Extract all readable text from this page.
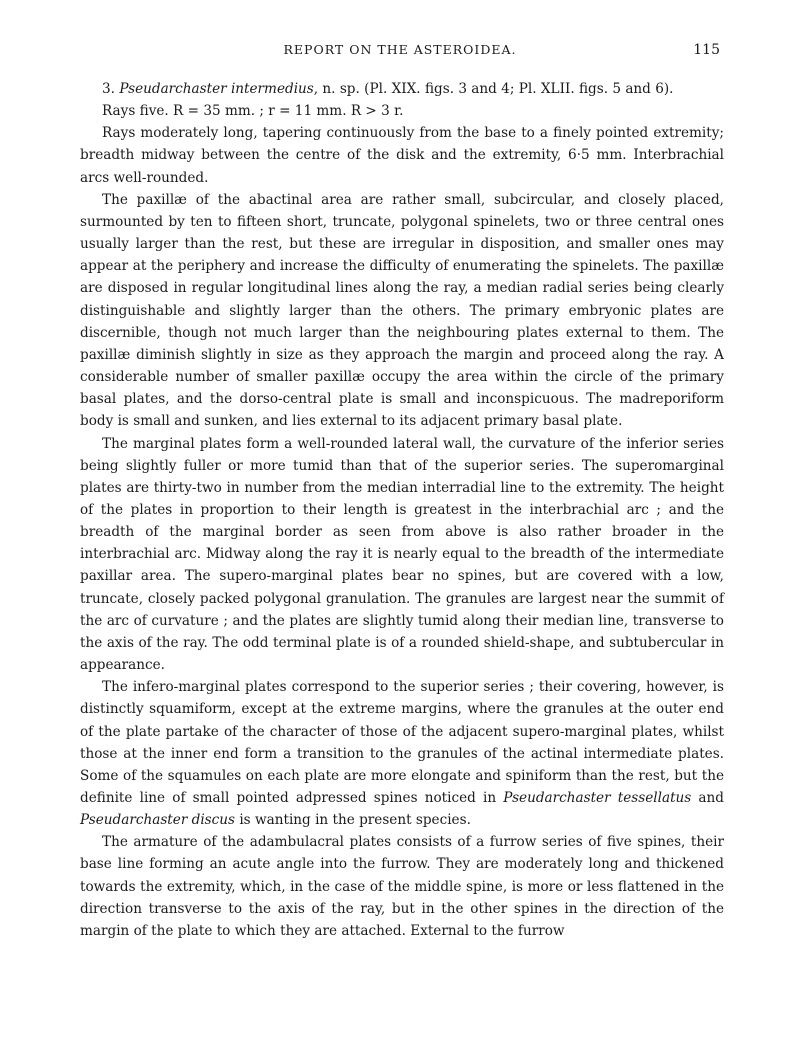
REPORT ON THE ASTEROIDEA.	115

3. Pseudarchaster intermedius, n. sp. (Pl. XIX. figs. 3 and 4; Pl. XLII. figs. 5 and 6).

Rays five. R = 35 mm. ; r = 11 mm. R > 3 r.

Rays moderately long, tapering continuously from the base to a finely pointed extremity; breadth midway between the centre of the disk and the extremity, 6·5 mm. Interbrachial arcs well-rounded.

The paxillæ of the abactinal area are rather small, subcircular, and closely placed, surmounted by ten to fifteen short, truncate, polygonal spinelets, two or three central ones usually larger than the rest, but these are irregular in disposition, and smaller ones may appear at the periphery and increase the difficulty of enumerating the spinelets. The paxillæ are disposed in regular longitudinal lines along the ray, a median radial series being clearly distinguishable and slightly larger than the others. The primary embryonic plates are discernible, though not much larger than the neighbouring plates external to them. The paxillæ diminish slightly in size as they approach the margin and proceed along the ray. A considerable number of smaller paxillæ occupy the area within the circle of the primary basal plates, and the dorso-central plate is small and inconspicuous. The madreporiform body is small and sunken, and lies external to its adjacent primary basal plate.

The marginal plates form a well-rounded lateral wall, the curvature of the inferior series being slightly fuller or more tumid than that of the superior series. The superomarginal plates are thirty-two in number from the median interradial line to the extremity. The height of the plates in proportion to their length is greatest in the interbrachial arc ; and the breadth of the marginal border as seen from above is also rather broader in the interbrachial arc. Midway along the ray it is nearly equal to the breadth of the intermediate paxillar area. The supero-marginal plates bear no spines, but are covered with a low, truncate, closely packed polygonal granulation. The granules are largest near the summit of the arc of curvature ; and the plates are slightly tumid along their median line, transverse to the axis of the ray. The odd terminal plate is of a rounded shield-shape, and subtubercular in appearance.

The infero-marginal plates correspond to the superior series ; their covering, however, is distinctly squamiform, except at the extreme margins, where the granules at the outer end of the plate partake of the character of those of the adjacent supero-marginal plates, whilst those at the inner end form a transition to the granules of the actinal intermediate plates. Some of the squamules on each plate are more elongate and spiniform than the rest, but the definite line of small pointed adpressed spines noticed in Pseudarchaster tessellatus and Pseudarchaster discus is wanting in the present species.

The armature of the adambulacral plates consists of a furrow series of five spines, their base line forming an acute angle into the furrow. They are moderately long and thickened towards the extremity, which, in the case of the middle spine, is more or less flattened in the direction transverse to the axis of the ray, but in the other spines in the direction of the margin of the plate to which they are attached. External to the furrow
